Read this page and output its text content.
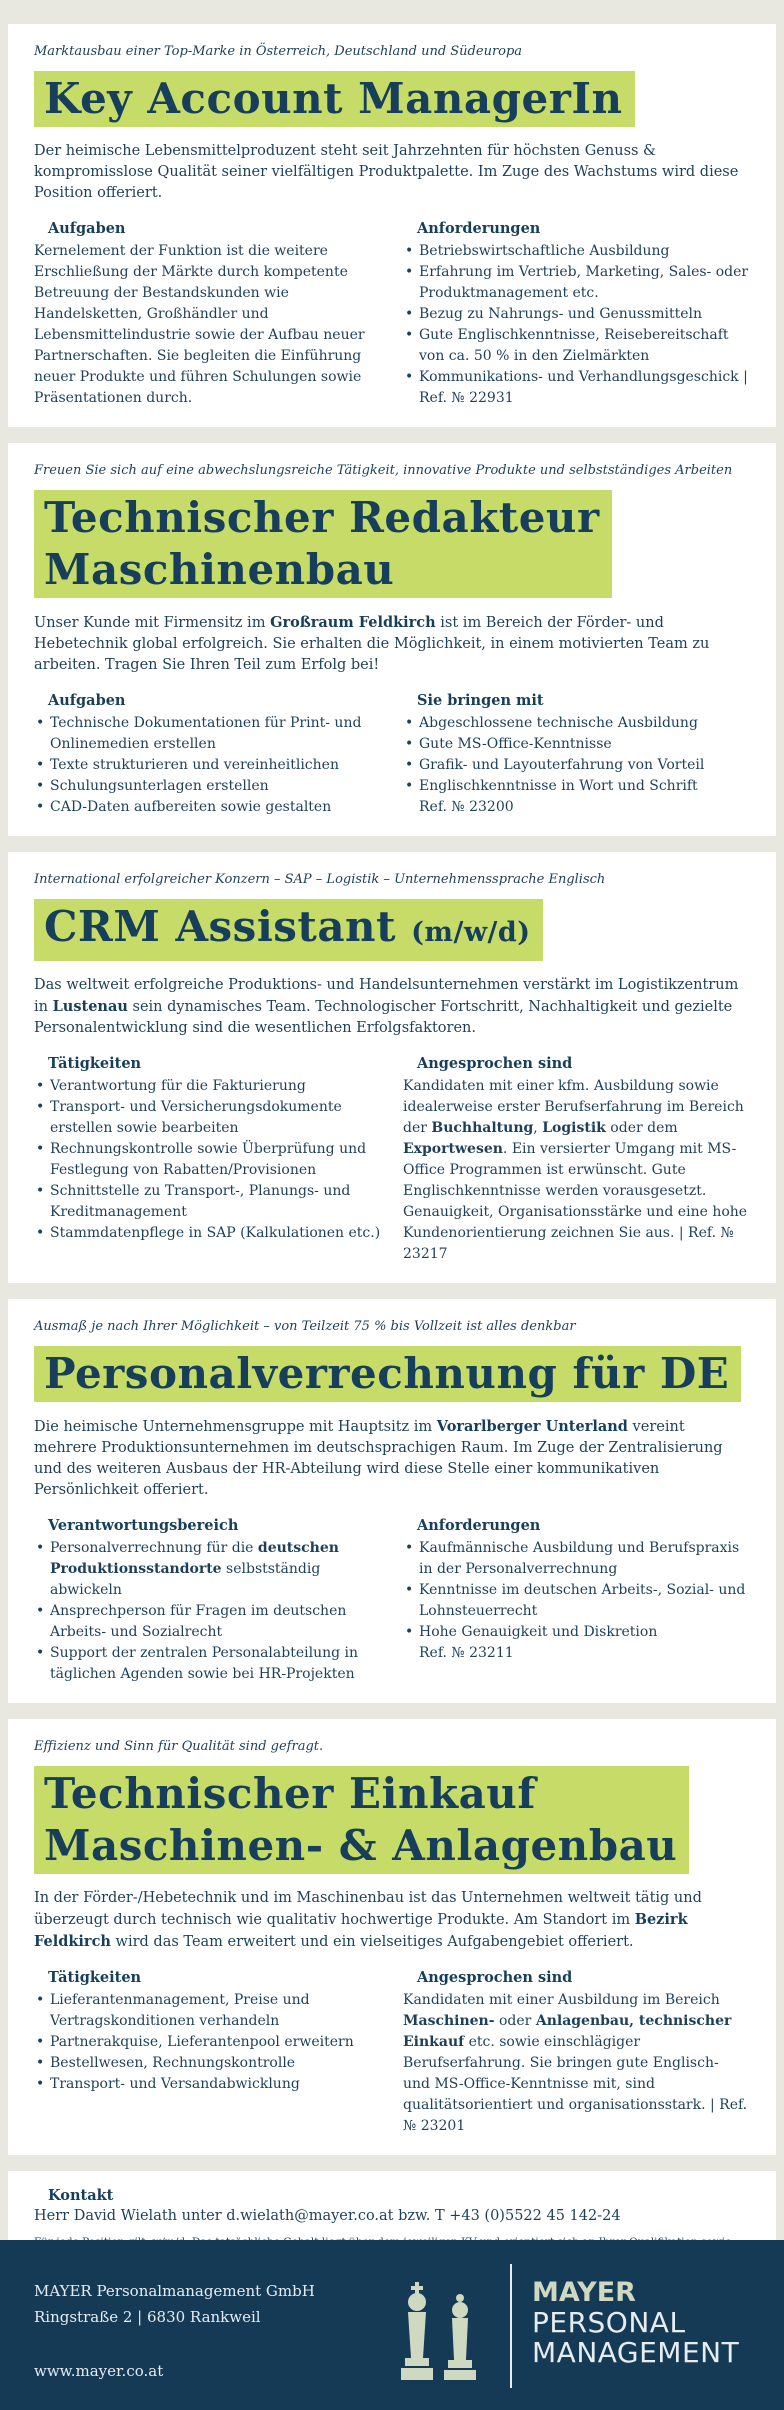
Marktausbau einer Top-Marke in Österreich, Deutschland und Südeuropa

Key Account ManagerIn

Der heimische Lebensmittelproduzent steht seit Jahrzehnten für höchsten Genuss & kompromisslose Qualität seiner vielfältigen Produktpalette. Im Zuge des Wachstums wird diese Position offeriert.

Aufgaben

Kernelement der Funktion ist die weitere Erschließung der Märkte durch kompetente Betreuung der Bestandskunden wie Handelsketten, Großhändler und Lebensmittelindustrie sowie der Aufbau neuer Partnerschaften. Sie begleiten die Einführung neuer Produkte und führen Schulungen sowie Präsentationen durch.

Anforderungen
• Betriebswirtschaftliche Ausbildung
• Erfahrung im Vertrieb, Marketing, Sales- oder Produktmanagement etc.
• Bezug zu Nahrungs- und Genussmitteln
• Gute Englischkenntnisse, Reisebereitschaft von ca. 50 % in den Zielmärkten
• Kommunikations- und Verhandlungsgeschick | Ref. № 22931

Freuen Sie sich auf eine abwechslungsreiche Tätigkeit, innovative Produkte und selbstständiges Arbeiten

Technischer Redakteur
Maschinenbau

Unser Kunde mit Firmensitz im Großraum Feldkirch ist im Bereich der Förder- und Hebetechnik global erfolgreich. Sie erhalten die Möglichkeit, in einem motivierten Team zu arbeiten. Tragen Sie Ihren Teil zum Erfolg bei!

Aufgaben
• Technische Dokumentationen für Print- und Onlinemedien erstellen
• Texte strukturieren und vereinheitlichen
• Schulungsunterlagen erstellen
• CAD-Daten aufbereiten sowie gestalten
Sie bringen mit
• Abgeschlossene technische Ausbildung
• Gute MS-Office-Kenntnisse
• Grafik- und Layouterfahrung von Vorteil
• Englischkenntnisse in Wort und Schrift
Ref. № 23200

International erfolgreicher Konzern – SAP – Logistik – Unternehmenssprache Englisch

CRM Assistant (m/w/d)

Das weltweit erfolgreiche Produktions- und Handelsunternehmen verstärkt im Logistikzentrum in Lustenau sein dynamisches Team. Technologischer Fortschritt, Nachhaltigkeit und gezielte Personalentwicklung sind die wesentlichen Erfolgsfaktoren.

Tätigkeiten
• Verantwortung für die Fakturierung
• Transport- und Versicherungsdokumente erstellen sowie bearbeiten
• Rechnungskontrolle sowie Überprüfung und Festlegung von Rabatten/Provisionen
• Schnittstelle zu Transport-, Planungs- und Kreditmanagement
• Stammdatenpflege in SAP (Kalkulationen etc.)
Angesprochen sind

Kandidaten mit einer kfm. Ausbildung sowie idealerweise erster Berufserfahrung im Bereich der Buchhaltung, Logistik oder dem Exportwesen. Ein versierter Umgang mit MS-Office Programmen ist erwünscht. Gute Englischkenntnisse werden vorausgesetzt. Genauigkeit, Organisationsstärke und eine hohe Kundenorientierung zeichnen Sie aus. | Ref. № 23217

Ausmaß je nach Ihrer Möglichkeit – von Teilzeit 75 % bis Vollzeit ist alles denkbar

Personalverrechnung für DE

Die heimische Unternehmensgruppe mit Hauptsitz im Vorarlberger Unterland vereint mehrere Produktionsunternehmen im deutschsprachigen Raum. Im Zuge der Zentralisierung und des weiteren Ausbaus der HR-Abteilung wird diese Stelle einer kommunikativen Persönlichkeit offeriert.

Verantwortungsbereich
• Personalverrechnung für die deutschen Produktionsstandorte selbstständig abwickeln
• Ansprechperson für Fragen im deutschen Arbeits- und Sozialrecht
• Support der zentralen Personalabteilung in täglichen Agenden sowie bei HR-Projekten
Anforderungen
• Kaufmännische Ausbildung und Berufspraxis in der Personalverrechnung
• Kenntnisse im deutschen Arbeits-, Sozial- und Lohnsteuerrecht
• Hohe Genauigkeit und Diskretion
Ref. № 23211

Effizienz und Sinn für Qualität sind gefragt.

Technischer Einkauf
Maschinen- & Anlagenbau

In der Förder-/Hebetechnik und im Maschinenbau ist das Unternehmen weltweit tätig und überzeugt durch technisch wie qualitativ hochwertige Produkte. Am Standort im Bezirk Feldkirch wird das Team erweitert und ein vielseitiges Aufgabengebiet offeriert.

Tätigkeiten
• Lieferantenmanagement, Preise und Vertragskonditionen verhandeln
• Partnerakquise, Lieferantenpool erweitern
• Bestellwesen, Rechnungskontrolle
• Transport- und Versandabwicklung
Angesprochen sind

Kandidaten mit einer Ausbildung im Bereich Maschinen- oder Anlagenbau, technischer Einkauf etc. sowie einschlägiger Berufserfahrung. Sie bringen gute Englisch- und MS-Office-Kenntnisse mit, sind qualitätsorientiert und organisationsstark. | Ref. № 23201

Kontakt

Herr David Wielath unter d.wielath@mayer.co.at bzw. T +43 (0)5522 45 142-24

MAYER Personalmanagement GmbH
Ringstraße 2 | 6830 Rankweil
www.mayer.co.at
MAYER
PERSONAL
MANAGEMENT
